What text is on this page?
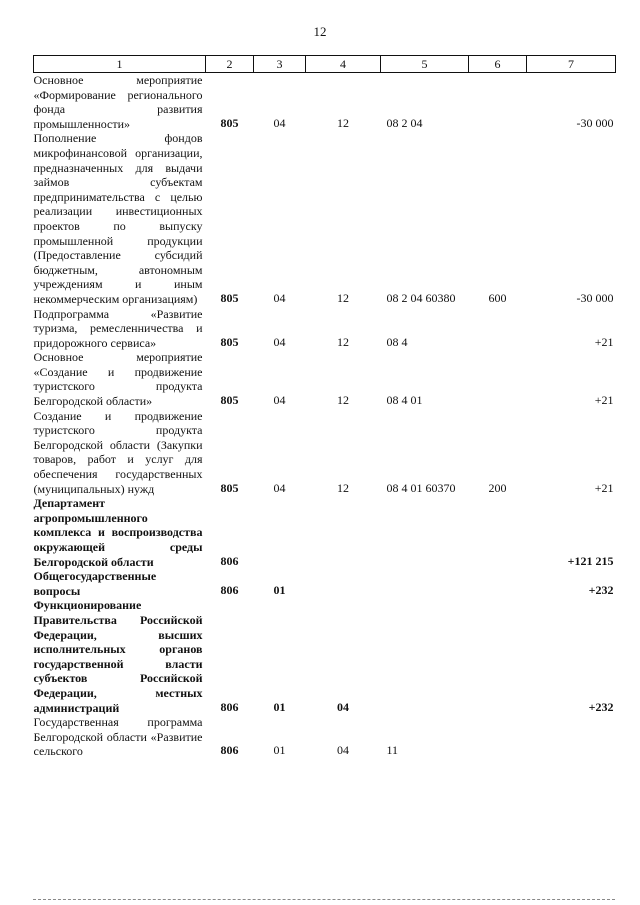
12
1	2	3	4	5	6	7
Основное мероприятие «Формирование регионального фонда развития промышленности»	805	04	12	08 2 04		-30 000
Пополнение фондов микрофинансовой организации, предназначенных для выдачи займов субъектам предпринимательства с целью реализации инвестиционных проектов по выпуску промышленной продукции (Предоставление субсидий бюджетным, автономным учреждениям и иным некоммерческим организациям)	805	04	12	08 2 04 60380	600	-30 000
Подпрограмма «Развитие туризма, ремесленничества и придорожного сервиса»	805	04	12	08 4		+21
Основное мероприятие «Создание и продвижение туристского продукта Белгородской области»	805	04	12	08 4 01		+21
Создание и продвижение туристского продукта Белгородской области (Закупки товаров, работ и услуг для обеспечения государственных (муниципальных) нужд	805	04	12	08 4 01 60370	200	+21
Департамент агропромышленного комплекса и воспроизводства окружающей среды Белгородской области	806					+121 215
Общегосударственные вопросы	806	01				+232
Функционирование Правительства Российской Федерации, высших исполнительных органов государственной власти субъектов Российской Федерации, местных администраций	806	01	04			+232
Государственная программа Белгородской области «Развитие сельского	806	01	04	11		
